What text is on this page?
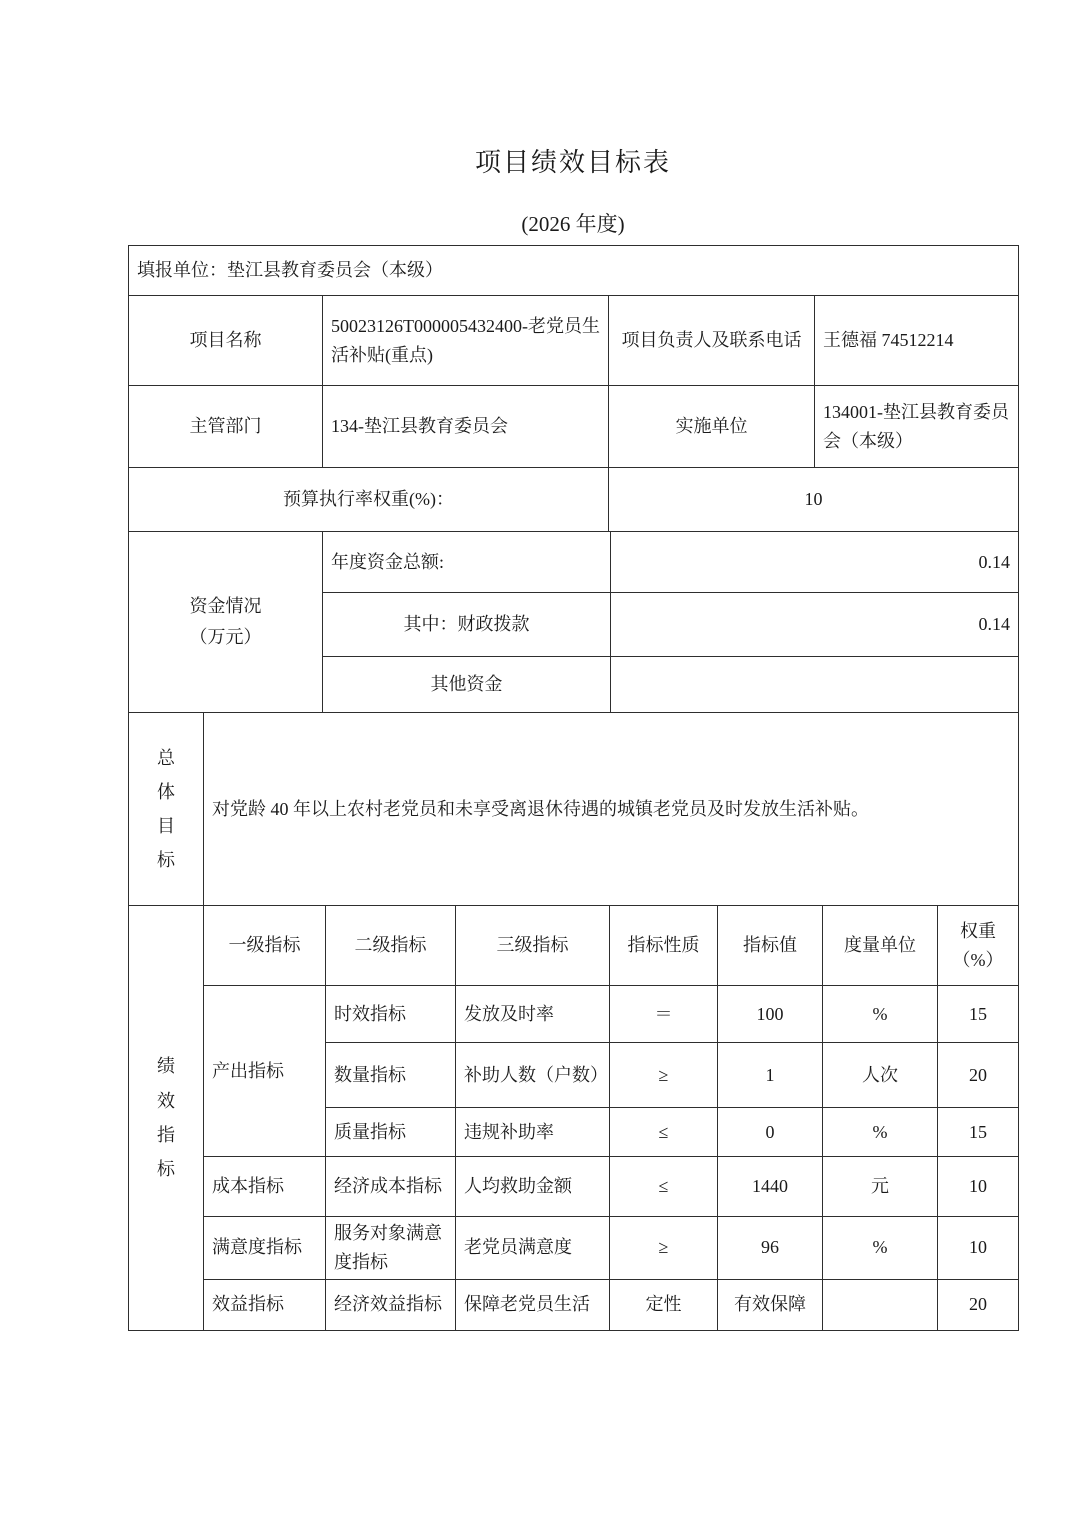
项目绩效目标表
(2026 年度)
填报单位：垫江县教育委员会（本级）			
项目名称	50023126T000005432400-老党员生活补贴(重点)	项目负责人及联系电话	王德福 74512214
主管部门	134-垫江县教育委员会	实施单位	134001-垫江县教育委员会（本级）
预算执行率权重(%)：		10	
资金情况（万元）	年度资金总额:	0.14
	其中：财政拨款	0.14
	其他资金	
总体目标	对党龄 40 年以上农村老党员和未享受离退休待遇的城镇老党员及时发放生活补贴。
绩效指标	一级指标	二级指标	三级指标	指标性质	指标值	度量单位	权重（%）
	产出指标	时效指标	发放及时率	＝	100	%	15
		数量指标	补助人数（户数）	≥	1	人次	20
		质量指标	违规补助率	≤	0	%	15
	成本指标	经济成本指标	人均救助金额	≤	1440	元	10
	满意度指标	服务对象满意度指标	老党员满意度	≥	96	%	10
	效益指标	经济效益指标	保障老党员生活	定性	有效保障		20
